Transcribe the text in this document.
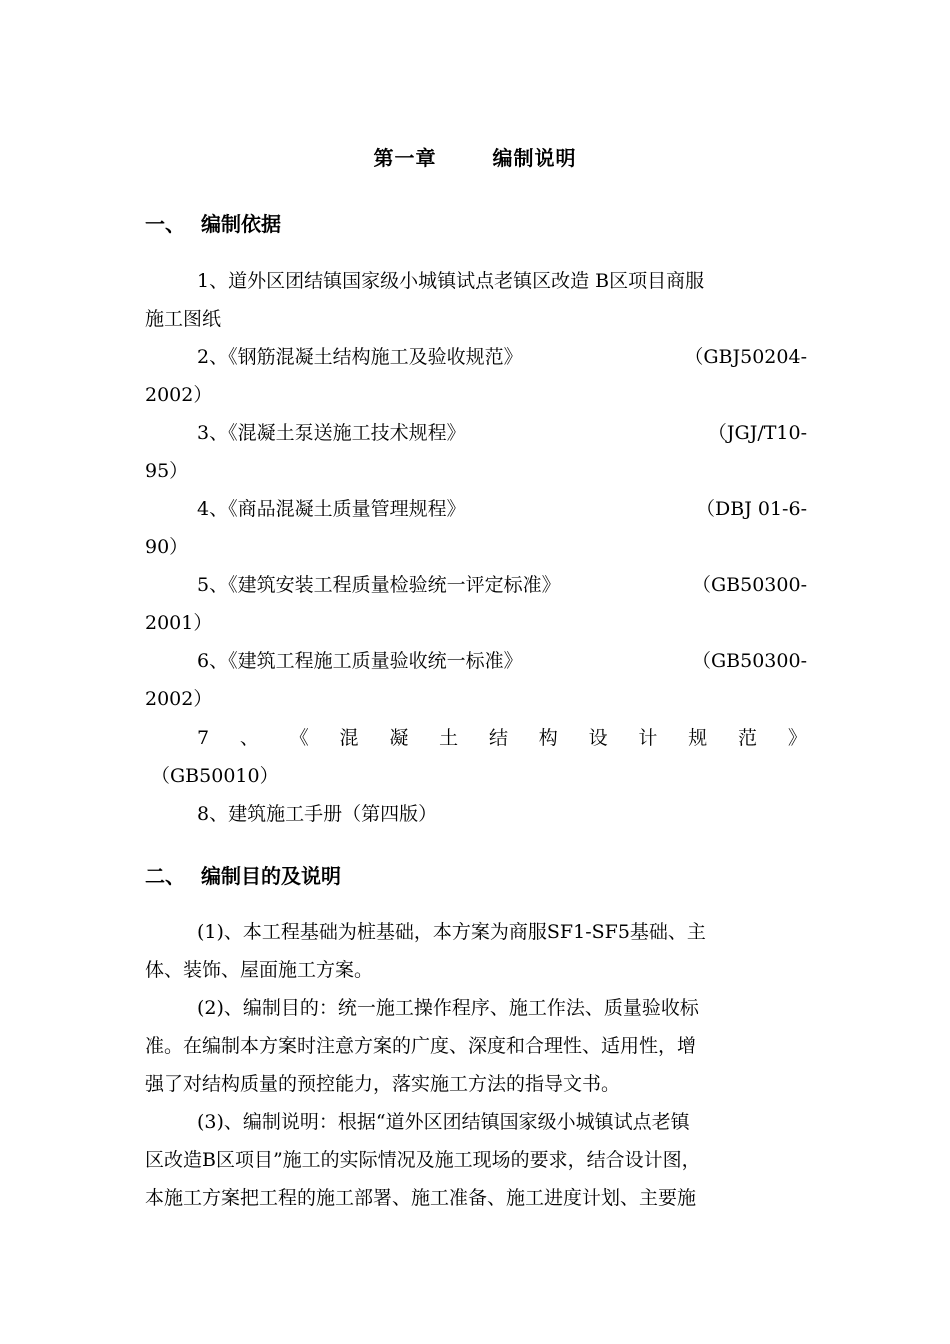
第一章	编制说明
一、 编制依据
1、道外区团结镇国家级小城镇试点老镇区改造 B区项目商服
施工图纸
2、《钢筋混凝土结构施工及验收规范》	（GBJ50204-
2002）
3、《混凝土泵送施工技术规程》	（JGJ/T10-
95）
4、《商品混凝土质量管理规程》	（DBJ 01-6-
90）
5、《建筑安装工程质量检验统一评定标准》	（GB50300-
2001）
6、《建筑工程施工质量验收统一标准》	（GB50300-
2002）
7 、 《 混 凝 土 结 构 设 计 规 范 》
（GB50010）
8、建筑施工手册（第四版）
二、 编制目的及说明
(1)、本工程基础为桩基础，本方案为商服SF1-SF5基础、主
体、装饰、屋面施工方案。
(2)、编制目的：统一施工操作程序、施工作法、质量验收标
准。在编制本方案时注意方案的广度、深度和合理性、适用性，增
强了对结构质量的预控能力，落实施工方法的指导文书。
(3)、编制说明：根据“道外区团结镇国家级小城镇试点老镇
区改造B区项目”施工的实际情况及施工现场的要求，结合设计图，
本施工方案把工程的施工部署、施工准备、施工进度计划、主要施
